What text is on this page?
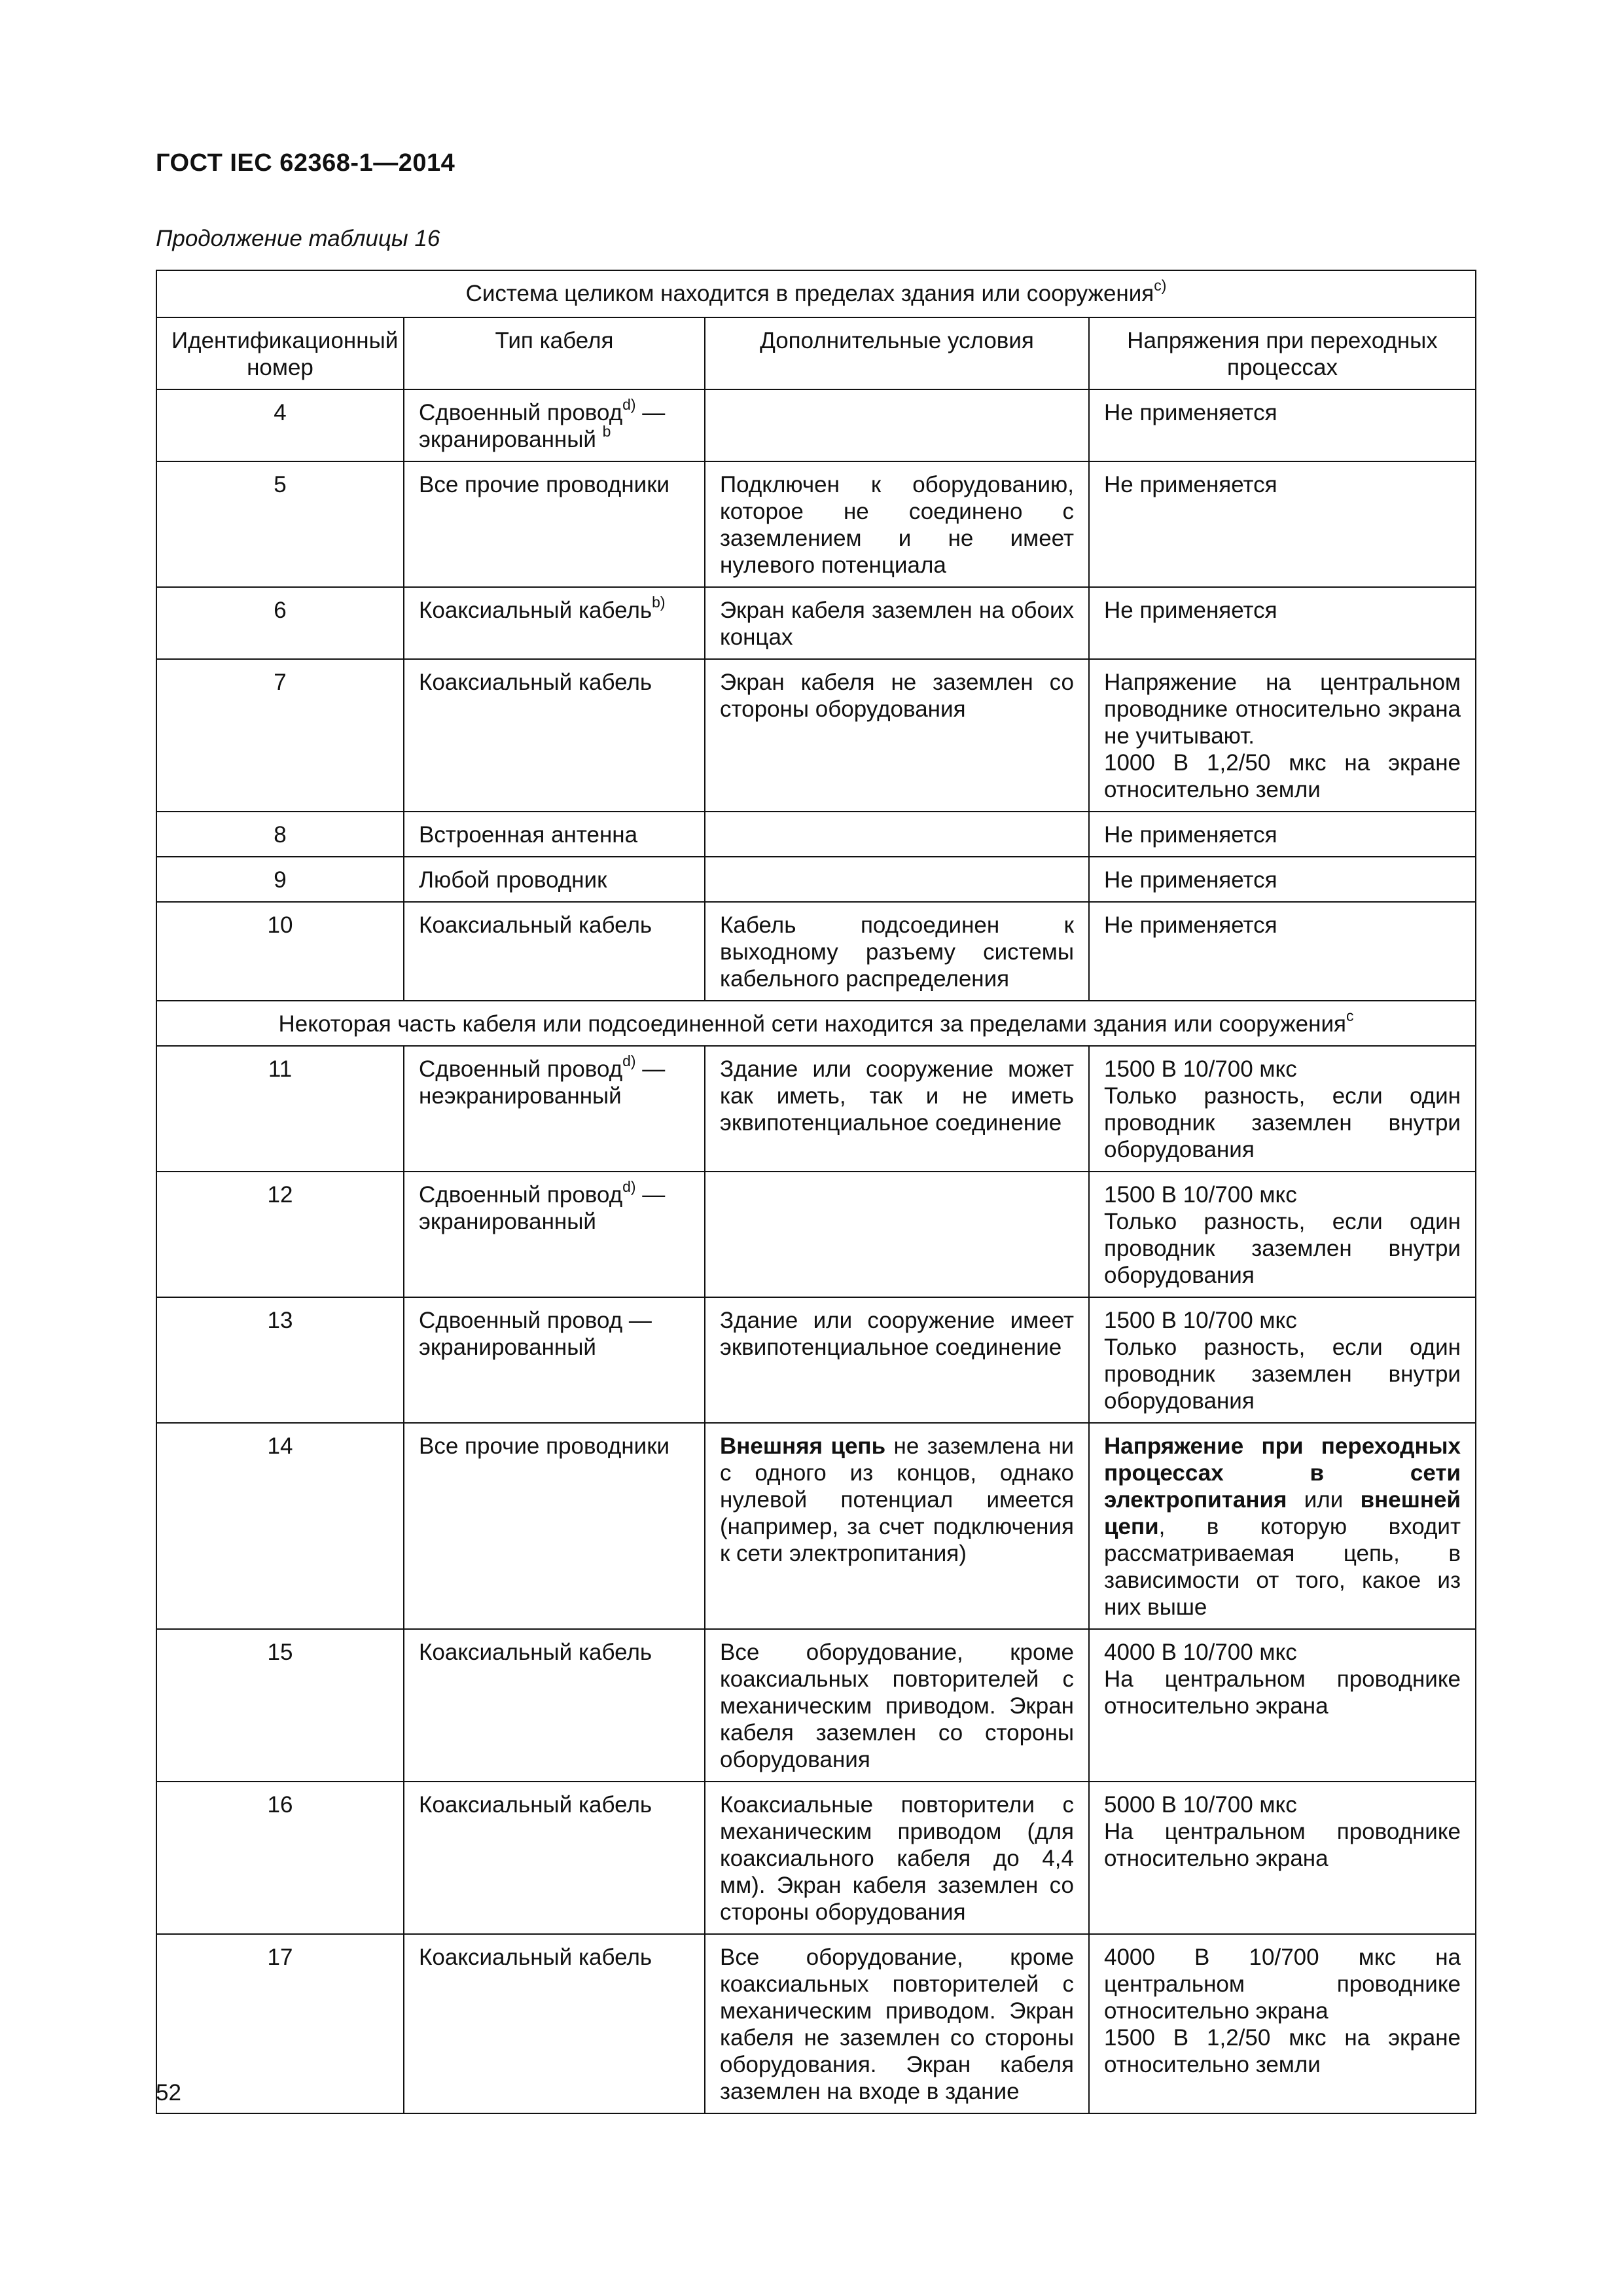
ГОСТ IEC 62368-1—2014

Продолжение таблицы 16

Система целиком находится в пределах здания или сооружения$^{c)}$
Идентификационный номер	Тип кабеля	Дополнительные условия	Напряжения при переходных процессах
4	Сдвоенный провод$^{d)}$ — экранированный $^b$		Не применяется
5	Все прочие проводники	Подключен к оборудованию, которое не соединено с заземлением и не имеет нулевого потенциала	Не применяется
6	Коаксиальный кабель$^{b)}$	Экран кабеля заземлен на обоих концах	Не применяется
7	Коаксиальный кабель	Экран кабеля не заземлен со стороны оборудования	Напряжение на центральном проводнике относительно экрана не учитывают.
1000 В 1,2/50 мкс на экране относительно земли

8	Встроенная антенна		Не применяется
9	Любой проводник		Не применяется
10	Коаксиальный кабель	Кабель подсоединен к выходному разъему системы кабельного распределения	Не применяется
Некоторая часть кабеля или подсоединенной сети находится за пределами здания или сооружения$^c$
11	Сдвоенный провод$^{d)}$ — неэкранированный	Здание или сооружение может как иметь, так и не иметь эквипотенциальное соединение	1500 В 10/700 мкс
Только разность, если один проводник заземлен внутри оборудования

12	Сдвоенный провод$^{d)}$ — экранированный		1500 В 10/700 мкс
Только разность, если один проводник заземлен внутри оборудования

13	Сдвоенный провод — экранированный	Здание или сооружение имеет эквипотенциальное соединение	1500 В 10/700 мкс
Только разность, если один проводник заземлен внутри оборудования

14	Все прочие проводники	Внешняя цепь не заземлена ни с одного из концов, однако нулевой потенциал имеется (например, за счет подключения к сети электропитания)	Напряжение при переходных процессах в сети электропитания или внешней цепи, в которую входит рассматриваемая цепь, в зависимости от того, какое из них выше
15	Коаксиальный кабель	Все оборудование, кроме коаксиальных повторителей с механическим приводом. Экран кабеля заземлен со стороны оборудования	4000 В 10/700 мкс
На центральном проводнике относительно экрана

16	Коаксиальный кабель	Коаксиальные повторители с механическим приводом (для коаксиального кабеля до 4,4 мм). Экран кабеля заземлен со стороны оборудования	5000 В 10/700 мкс
На центральном проводнике относительно экрана

17	Коаксиальный кабель	Все оборудование, кроме коаксиальных повторителей с механическим приводом. Экран кабеля не заземлен со стороны оборудования. Экран кабеля заземлен на входе в здание	4000 В 10/700 мкс на центральном проводнике относительно экрана
1500 В 1,2/50 мкс на экране относительно земли

52
